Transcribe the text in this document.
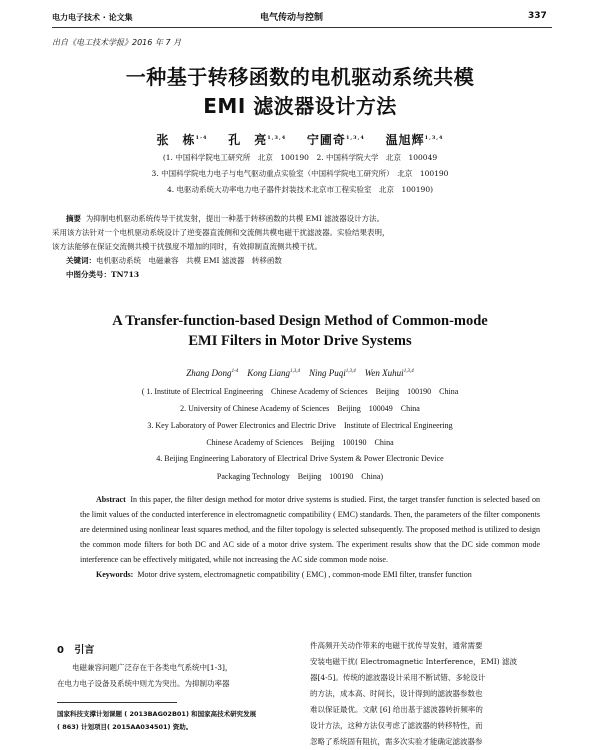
电力电子技术 · 论文集	电气传动与控制	337
出自《电工技术学报》2016 年 7 月
一种基于转移函数的电机驱动系统共模
EMI 滤波器设计方法
张　栋$^{1-4}$ 孔　亮$^{1,3,4}$ 宁圃奇$^{1,3,4}$ 温旭辉$^{1,3,4}$
(1. 中国科学院电工研究所　北京　100190　2. 中国科学院大学　北京　100049
3. 中国科学院电力电子与电气驱动重点实验室（中国科学院电工研究所）　北京　100190
4. 电驱动系统大功率电力电子器件封装技术北京市工程实验室　北京　100190)
摘要 为抑制电机驱动系统传导干扰发射，提出一种基于转移函数的共模 EMI 滤波器设计方法。
采用该方法针对一个电机驱动系统设计了逆变器直流侧和交流侧共模电磁干扰滤波器。实验结果表明，
该方法能够在保证交流侧共模干扰强度不增加的同时，有效抑制直流侧共模干扰。
关键词：电机驱动系统　电磁兼容　共模 EMI 滤波器　转移函数
中图分类号：TN713
A Transfer-function-based Design Method of Common-mode
EMI Filters in Motor Drive Systems
Zhang Dong$^{1-4}$ Kong Liang$^{1,3,4}$ Ning Puqi$^{1,3,4}$ Wen Xuhui$^{1,3,4}$
( 1. Institute of Electrical Engineering　Chinese Academy of Sciences　Beijing　100190　China
2. University of Chinese Academy of Sciences　Beijing　100049　China
3. Key Laboratory of Power Electronics and Electric Drive　Institute of Electrical Engineering
Chinese Academy of Sciences　Beijing　100190　China
4. Beijing Engineering Laboratory of Electrical Drive System & Power Electronic Device
Packaging Technology　Beijing　100190　China)
Abstract In this paper, the filter design method for motor drive systems is studied. First, the target transfer function is selected based on the limit values of the conducted interference in electromagnetic compatibility ( EMC) standards. Then, the parameters of the filter components are determined using nonlinear least squares method, and the filter topology is selected subsequently. The proposed method is utilized to design the common mode filters for both DC and AC side of a motor drive system. The experiment results show that the DC side common mode interference can be effectively mitigated, while not increasing the AC side common mode noise.
Keywords: Motor drive system, electromagnetic compatibility ( EMC) , common-mode EMI filter, transfer function
0 引言
电磁兼容问题广泛存在于各类电气系统中[1-3]，
在电力电子设备及系统中则尤为突出。为抑制功率器
国家科技支撑计划课题 ( 2013BAG02B01) 和国家高技术研究发展
( 863) 计划项目( 2015AA034501) 资助。
件高频开关动作带来的电磁干扰传导发射，通常需要
安装电磁干扰( Electromagnetic Interference，EMI) 滤波
器[4-5]。传统的滤波器设计采用不断试错、多轮设计
的方法，成本高、时间长，设计得到的滤波器参数也
难以保证最优。文献 [6] 给出基于滤波器转折频率的
设计方法，这种方法仅考虑了滤波器的转移特性，而
忽略了系统固有阻抗，需多次实验才能确定滤波器参
